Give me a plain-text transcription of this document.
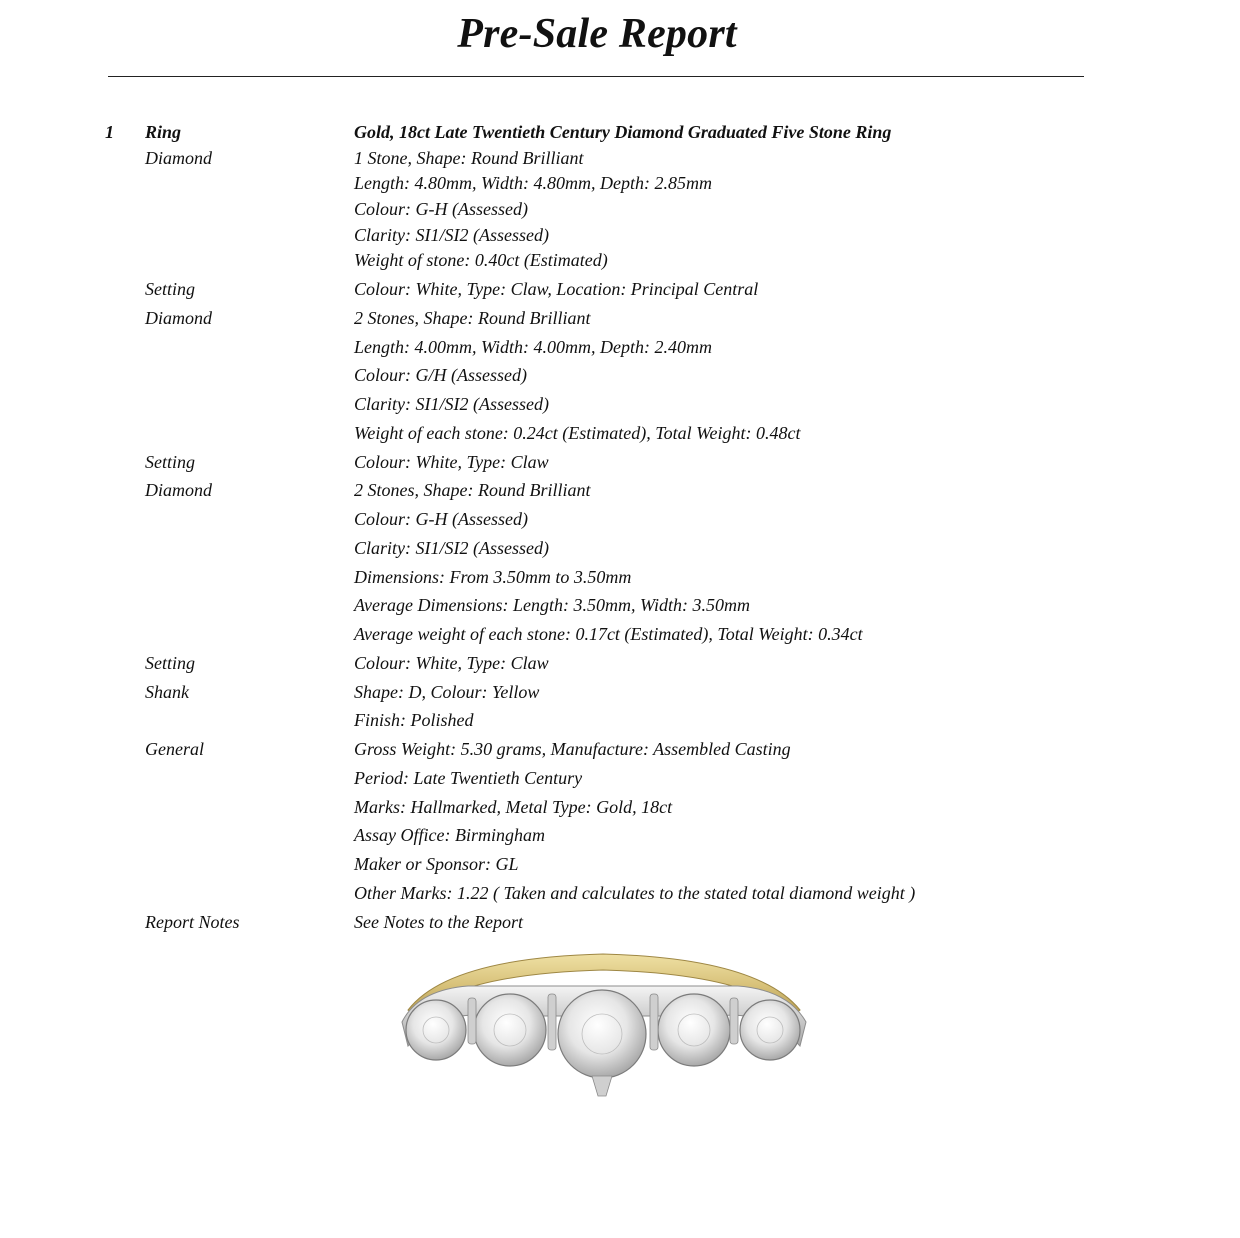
Pre-Sale Report
1 Ring	Gold, 18ct Late Twentieth Century Diamond Graduated Five Stone Ring
Diamond	1 Stone, Shape: Round Brilliant
Length: 4.80mm, Width: 4.80mm, Depth: 2.85mm
Colour: G-H (Assessed)
Clarity: SI1/SI2 (Assessed)
Weight of stone: 0.40ct (Estimated)
Setting	Colour: White, Type: Claw, Location: Principal Central
Diamond	2 Stones, Shape: Round Brilliant
Length: 4.00mm, Width: 4.00mm, Depth: 2.40mm
Colour: G/H (Assessed)
Clarity: SI1/SI2 (Assessed)
Weight of each stone: 0.24ct (Estimated), Total Weight: 0.48ct
Setting	Colour: White, Type: Claw
Diamond	2 Stones, Shape: Round Brilliant
Colour: G-H (Assessed)
Clarity: SI1/SI2 (Assessed)
Dimensions: From 3.50mm to 3.50mm
Average Dimensions: Length: 3.50mm, Width: 3.50mm
Average weight of each stone: 0.17ct (Estimated), Total Weight: 0.34ct
Setting	Colour: White, Type: Claw
Shank	Shape: D, Colour: Yellow
Finish: Polished
General	Gross Weight: 5.30 grams, Manufacture: Assembled Casting
Period: Late Twentieth Century
Marks: Hallmarked, Metal Type: Gold, 18ct
Assay Office: Birmingham
Maker or Sponsor: GL
Other Marks: 1.22 ( Taken and calculates to the stated total diamond weight )
Report Notes	See Notes to the Report
